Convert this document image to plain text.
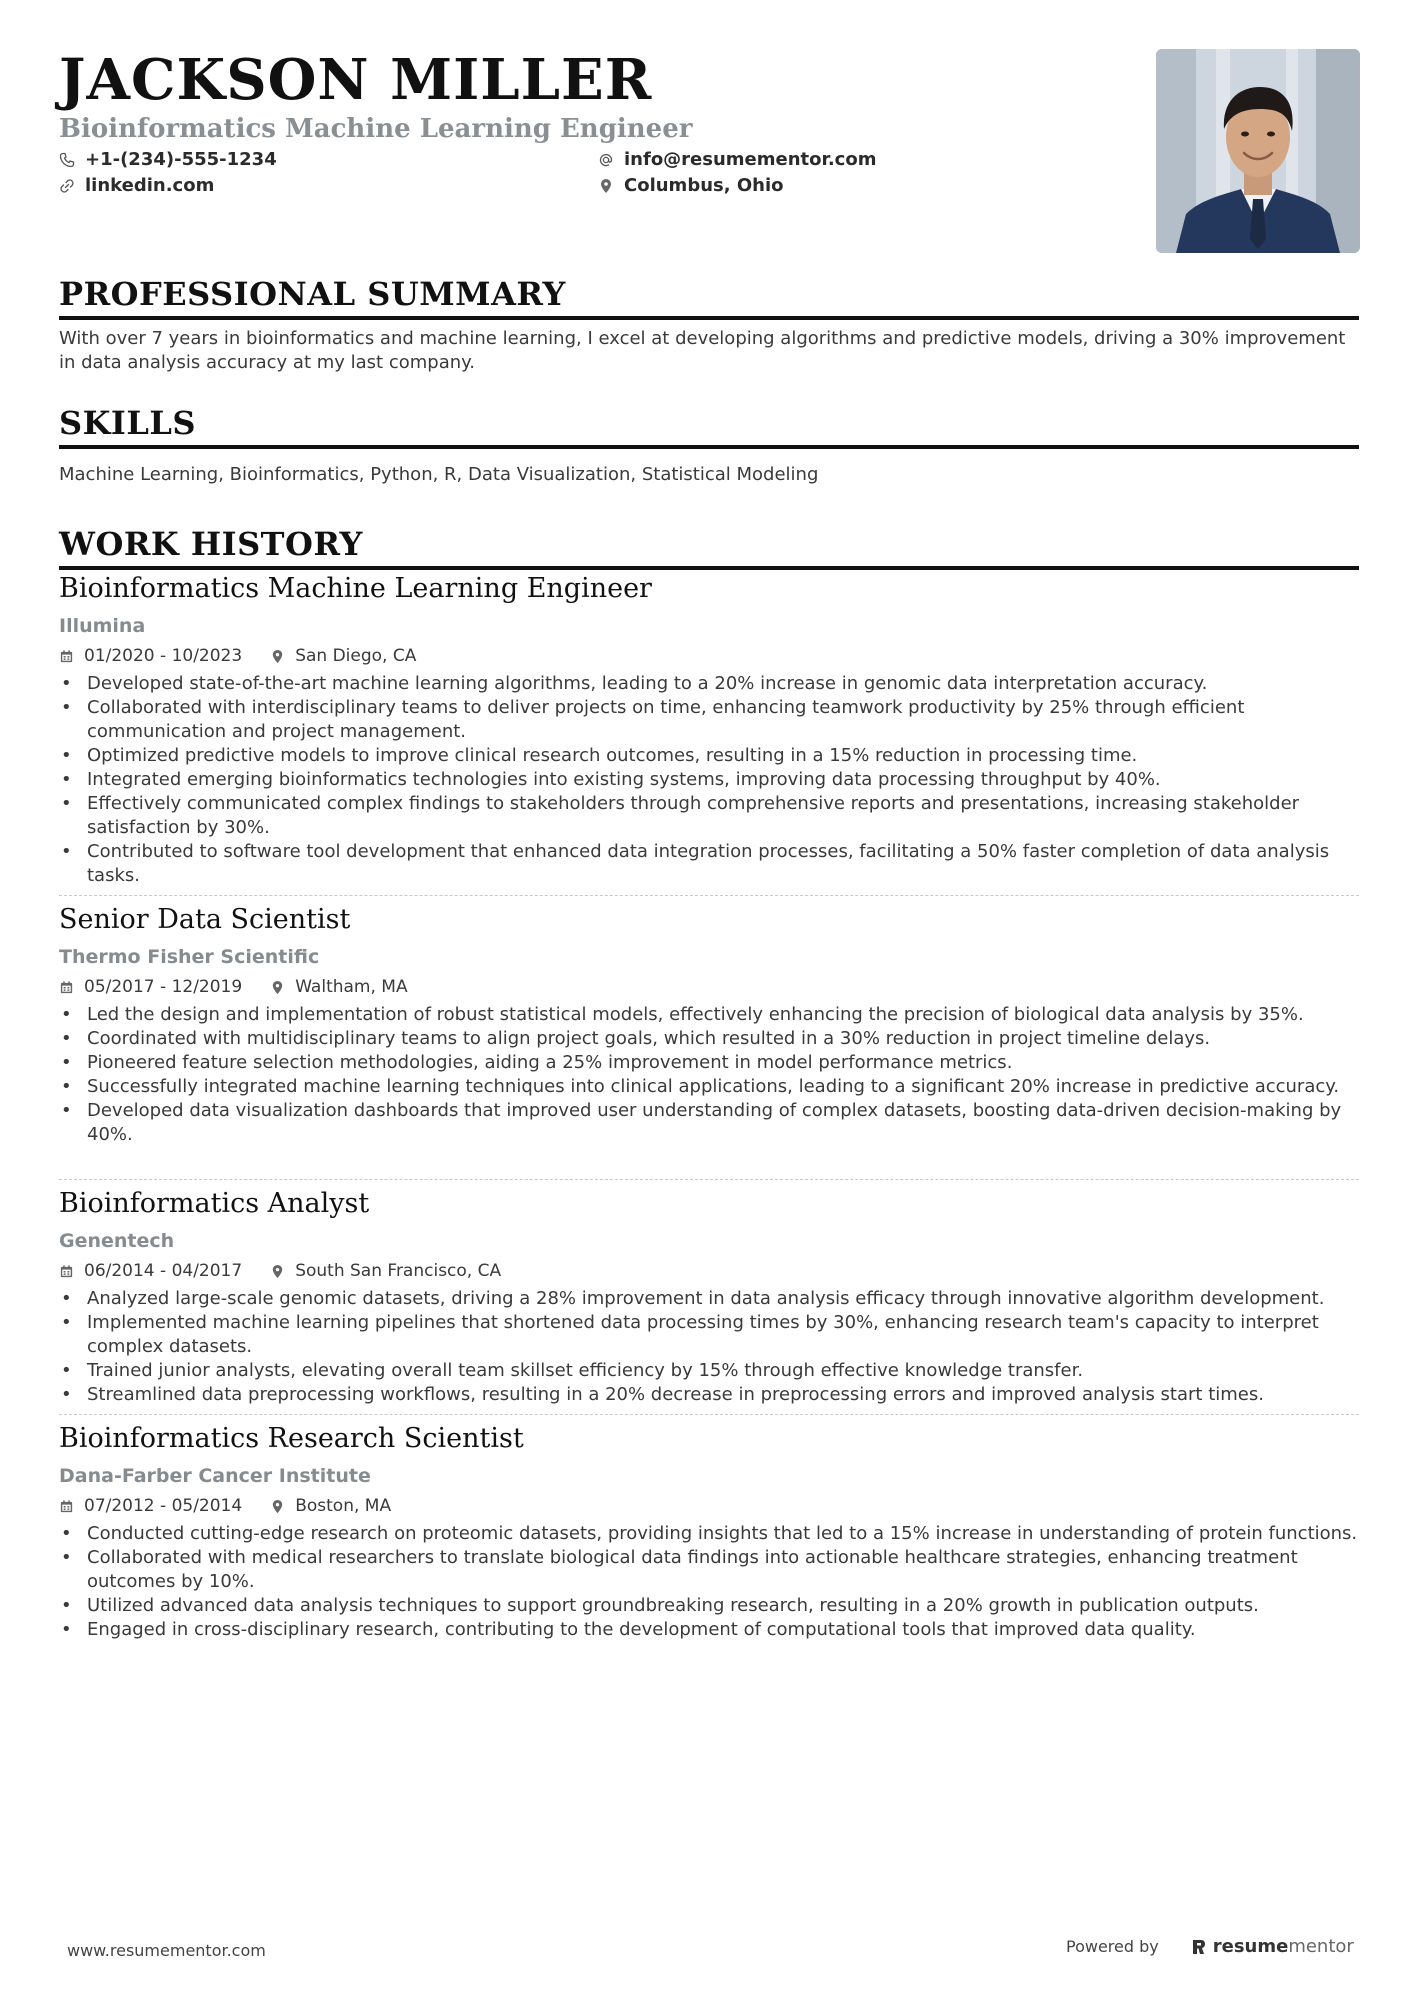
JACKSON MILLER
Bioinformatics Machine Learning Engineer
+1-(234)-555-1234	info@resumementor.com
linkedin.com	Columbus, Ohio
PROFESSIONAL SUMMARY
With over 7 years in bioinformatics and machine learning, I excel at developing algorithms and predictive models, driving a 30% improvement in data analysis accuracy at my last company.
SKILLS
Machine Learning, Bioinformatics, Python, R, Data Visualization, Statistical Modeling
WORK HISTORY
Bioinformatics Machine Learning Engineer
Illumina
01/2020 - 10/2023	San Diego, CA
• Developed state-of-the-art machine learning algorithms, leading to a 20% increase in genomic data interpretation accuracy.
• Collaborated with interdisciplinary teams to deliver projects on time, enhancing teamwork productivity by 25% through efficient communication and project management.
• Optimized predictive models to improve clinical research outcomes, resulting in a 15% reduction in processing time.
• Integrated emerging bioinformatics technologies into existing systems, improving data processing throughput by 40%.
• Effectively communicated complex findings to stakeholders through comprehensive reports and presentations, increasing stakeholder satisfaction by 30%.
• Contributed to software tool development that enhanced data integration processes, facilitating a 50% faster completion of data analysis tasks.
Senior Data Scientist
Thermo Fisher Scientific
05/2017 - 12/2019	Waltham, MA
• Led the design and implementation of robust statistical models, effectively enhancing the precision of biological data analysis by 35%.
• Coordinated with multidisciplinary teams to align project goals, which resulted in a 30% reduction in project timeline delays.
• Pioneered feature selection methodologies, aiding a 25% improvement in model performance metrics.
• Successfully integrated machine learning techniques into clinical applications, leading to a significant 20% increase in predictive accuracy.
• Developed data visualization dashboards that improved user understanding of complex datasets, boosting data-driven decision-making by 40%.
Bioinformatics Analyst
Genentech
06/2014 - 04/2017	South San Francisco, CA
• Analyzed large-scale genomic datasets, driving a 28% improvement in data analysis efficacy through innovative algorithm development.
• Implemented machine learning pipelines that shortened data processing times by 30%, enhancing research team's capacity to interpret complex datasets.
• Trained junior analysts, elevating overall team skillset efficiency by 15% through effective knowledge transfer.
• Streamlined data preprocessing workflows, resulting in a 20% decrease in preprocessing errors and improved analysis start times.
Bioinformatics Research Scientist
Dana-Farber Cancer Institute
07/2012 - 05/2014	Boston, MA
• Conducted cutting-edge research on proteomic datasets, providing insights that led to a 15% increase in understanding of protein functions.
• Collaborated with medical researchers to translate biological data findings into actionable healthcare strategies, enhancing treatment outcomes by 10%.
• Utilized advanced data analysis techniques to support groundbreaking research, resulting in a 20% growth in publication outputs.
• Engaged in cross-disciplinary research, contributing to the development of computational tools that improved data quality.
www.resumementor.com	Powered by	resumementor
